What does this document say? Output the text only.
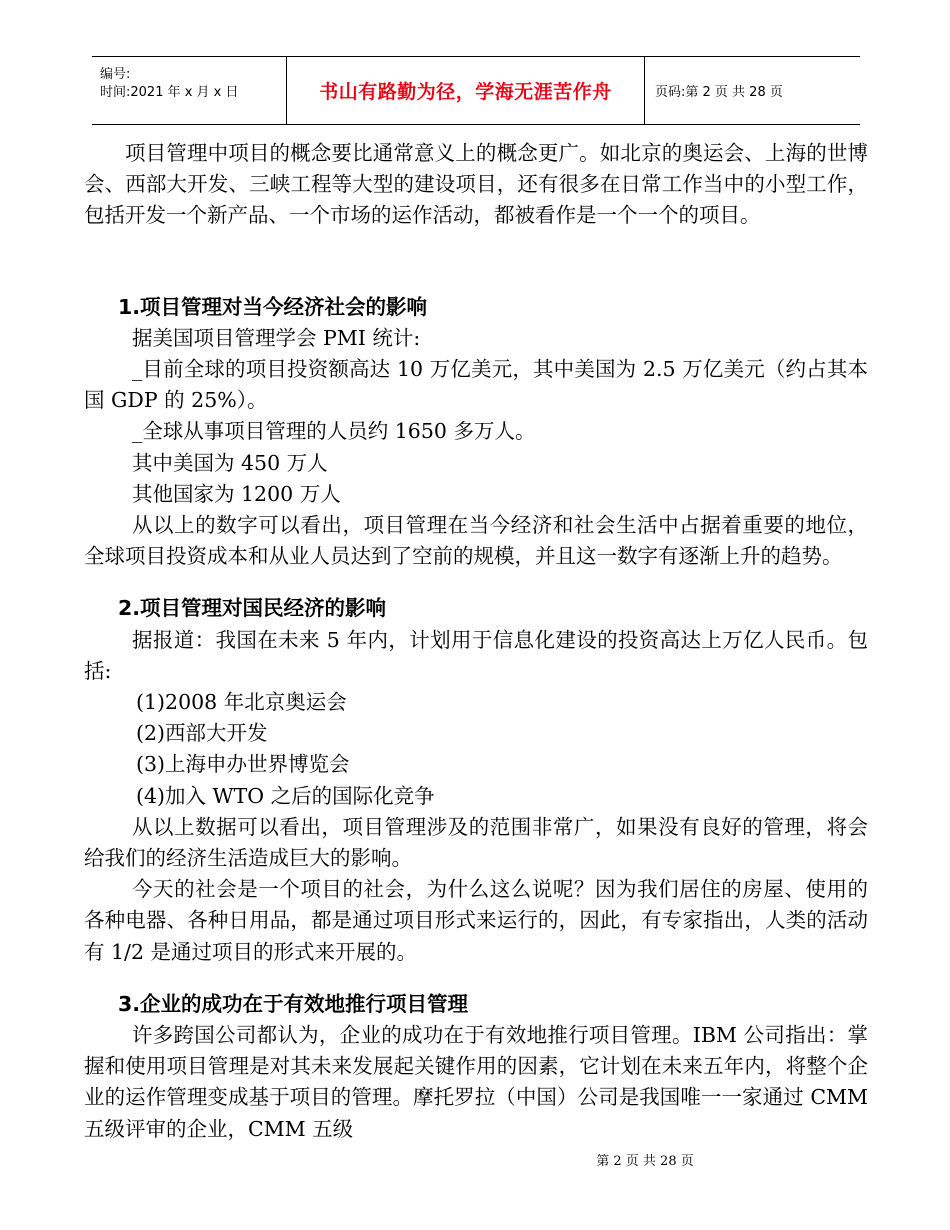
编号:
时间:2021 年 x 月 x 日	书山有路勤为径，学海无涯苦作舟	页码:第 2 页 共 28 页

项目管理中项目的概念要比通常意义上的概念更广。如北京的奥运会、上海的世博会、西部大开发、三峡工程等大型的建设项目，还有很多在日常工作当中的小型工作，包括开发一个新产品、一个市场的运作活动，都被看作是一个一个的项目。

1.项目管理对当今经济社会的影响

据美国项目管理学会 PMI 统计:

_目前全球的项目投资额高达 10 万亿美元，其中美国为 2.5 万亿美元（约占其本国 GDP 的 25%）。

_全球从事项目管理的人员约 1650 多万人。

其中美国为 450 万人

其他国家为 1200 万人

从以上的数字可以看出，项目管理在当今经济和社会生活中占据着重要的地位，全球项目投资成本和从业人员达到了空前的规模，并且这一数字有逐渐上升的趋势。

2.项目管理对国民经济的影响

据报道：我国在未来 5 年内，计划用于信息化建设的投资高达上万亿人民币。包括:

(1)2008 年北京奥运会

(2)西部大开发

(3)上海申办世界博览会

(4)加入 WTO 之后的国际化竞争

从以上数据可以看出，项目管理涉及的范围非常广，如果没有良好的管理，将会给我们的经济生活造成巨大的影响。

今天的社会是一个项目的社会，为什么这么说呢？因为我们居住的房屋、使用的各种电器、各种日用品，都是通过项目形式来运行的，因此，有专家指出，人类的活动有 1/2 是通过项目的形式来开展的。

3.企业的成功在于有效地推行项目管理

许多跨国公司都认为，企业的成功在于有效地推行项目管理。IBM 公司指出：掌握和使用项目管理是对其未来发展起关键作用的因素，它计划在未来五年内，将整个企业的运作管理变成基于项目的管理。摩托罗拉（中国）公司是我国唯一一家通过 CMM 五级评审的企业，CMM 五级

第 2 页 共 28 页
